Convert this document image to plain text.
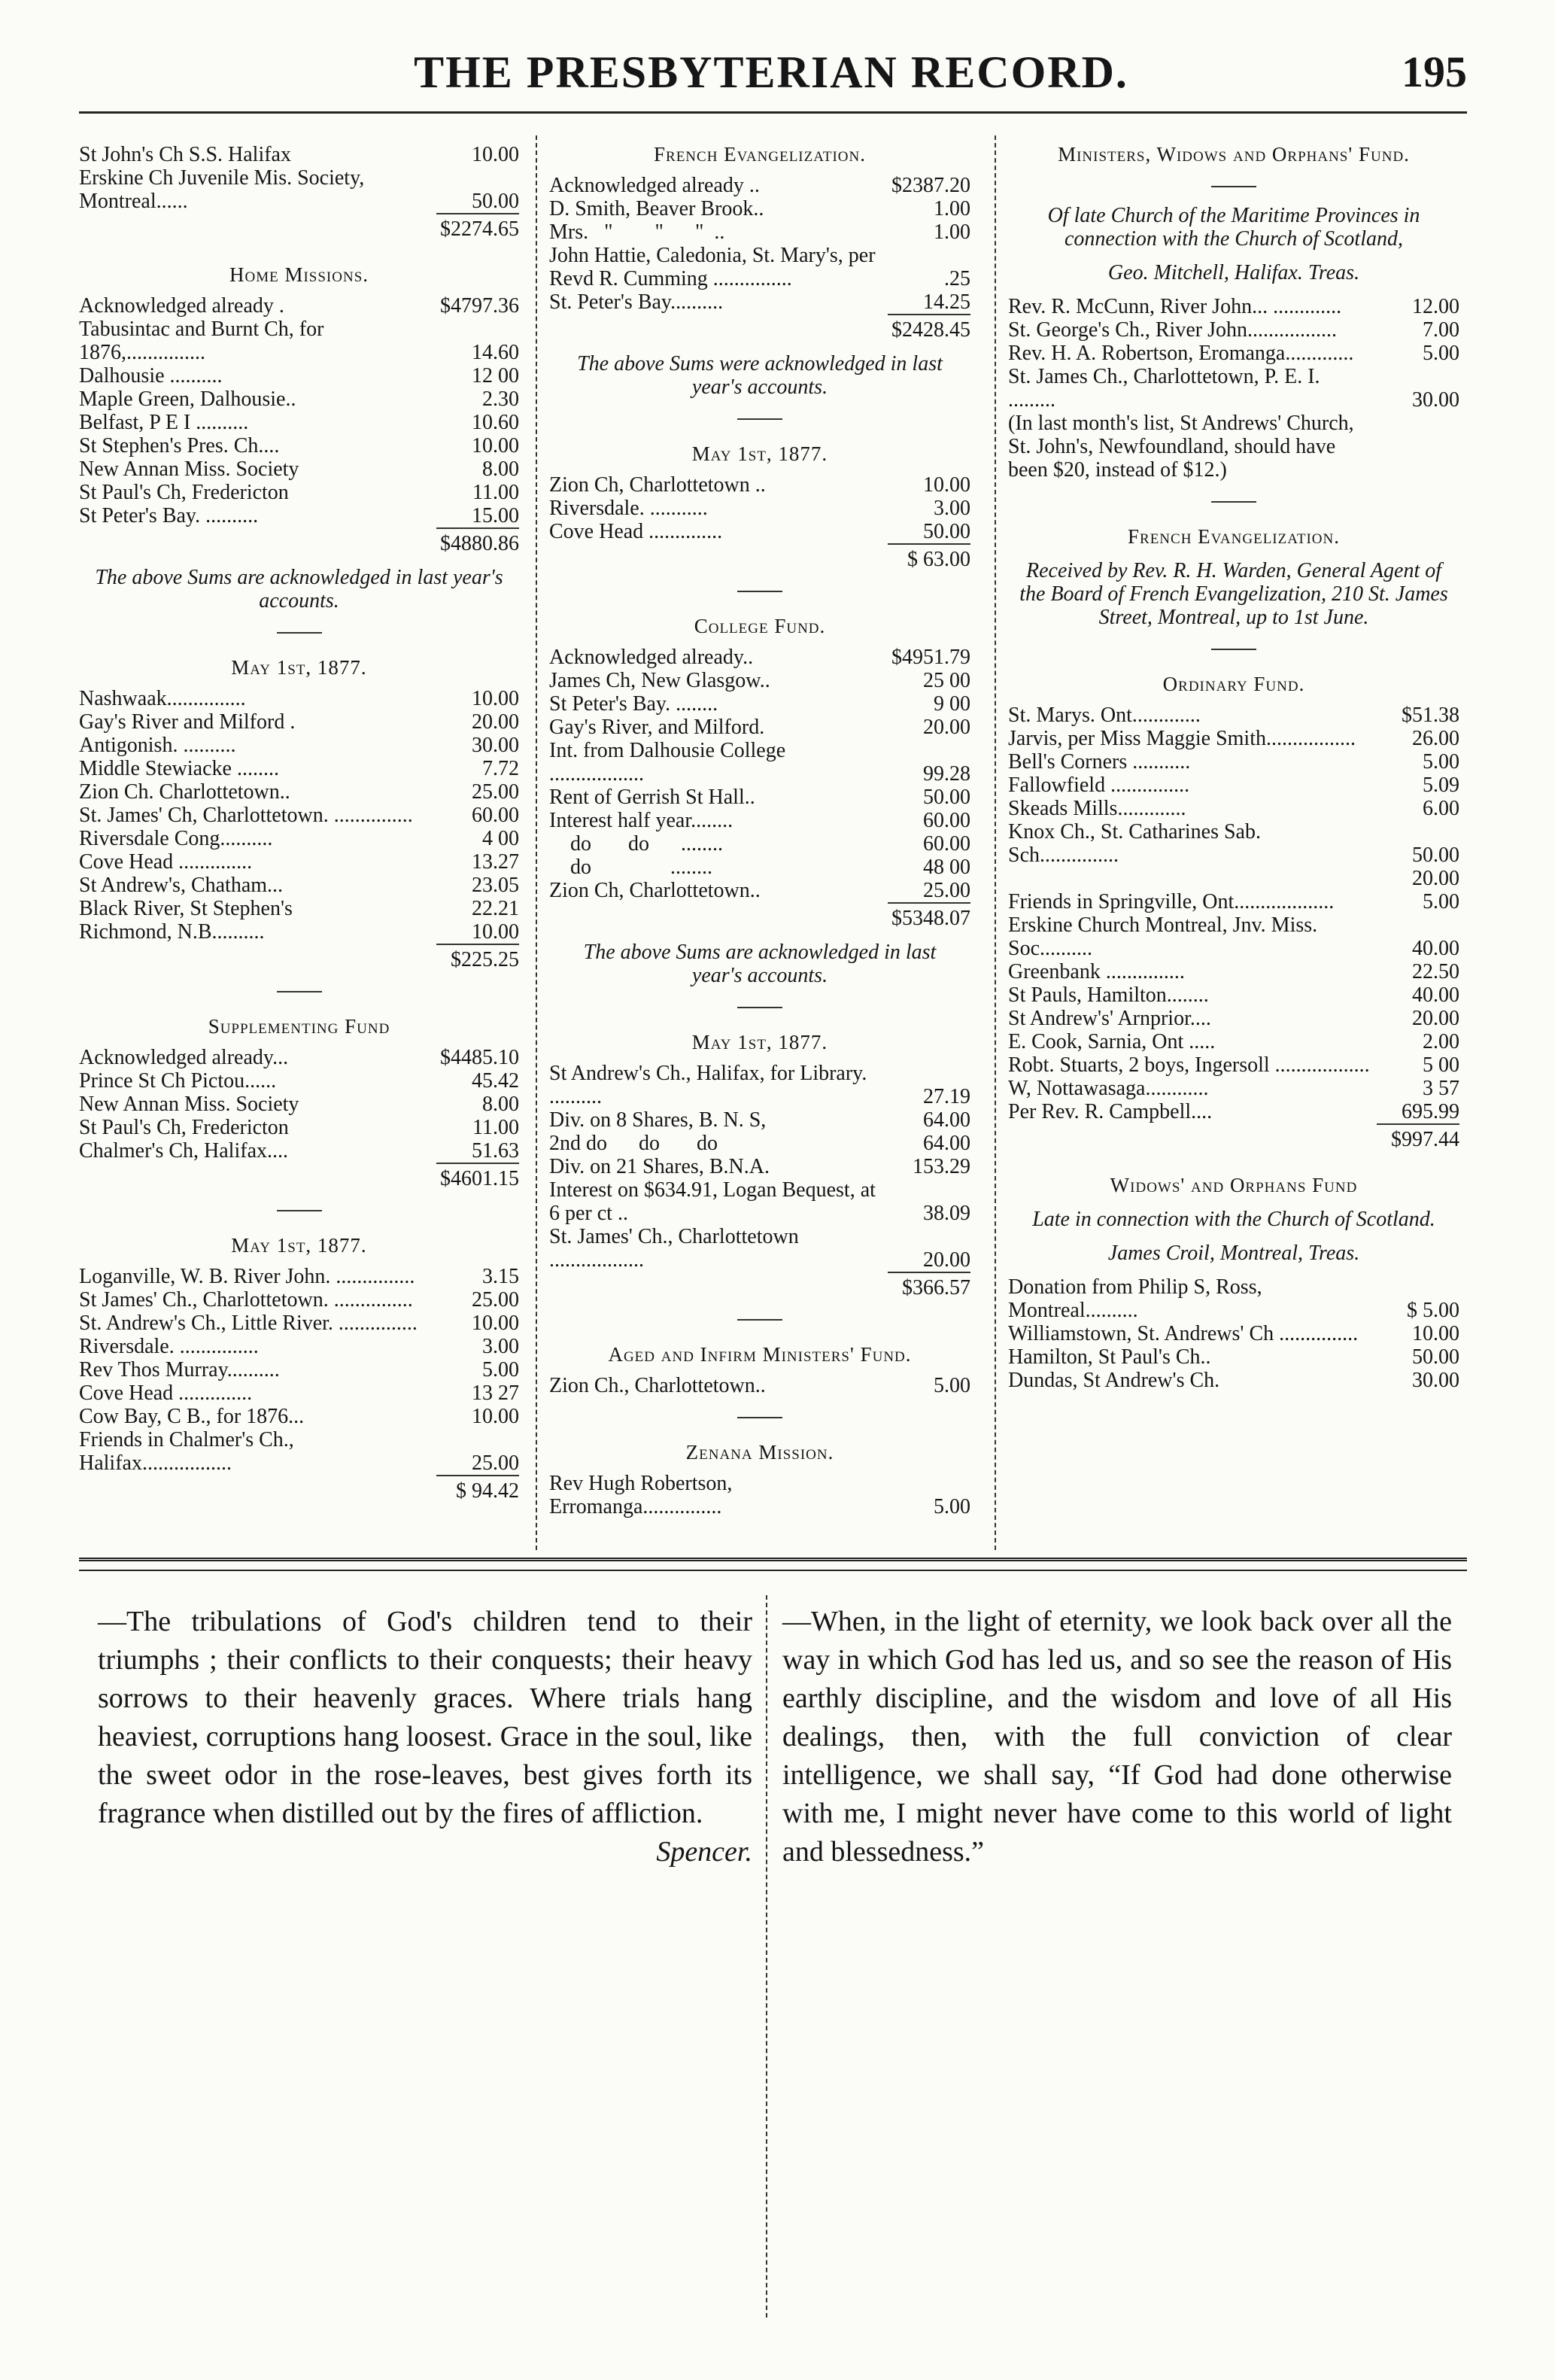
THE PRESBYTERIAN RECORD.	195
St John's Ch S.S. Halifax	10.00
Erskine Ch Juvenile Mis. Society, Montreal......	50.00
$2274.65
Home Missions.
Acknowledged already .	$4797.36
Tabusintac and Burnt Ch, for 1876,...............	14.60
Dalhousie ..........	12 00
Maple Green, Dalhousie..	2.30
Belfast, P E I ..........	10.60
St Stephen's Pres. Ch....	10.00
New Annan Miss. Society	8.00
St Paul's Ch, Fredericton	11.00
St Peter's Bay. ..........	15.00
$4880.86
The above Sums are acknowledged in last year's accounts.
May 1st, 1877.
Nashwaak...............	10.00
Gay's River and Milford .	20.00
Antigonish. ..........	30.00
Middle Stewiacke ........	7.72
Zion Ch. Charlottetown..	25.00
St. James' Ch, Charlottetown. ...............	60.00
Riversdale Cong..........	4 00
Cove Head ..............	13.27
St Andrew's, Chatham...	23.05
Black River, St Stephen's	22.21
Richmond, N.B..........	10.00
$225.25
Supplementing Fund
Acknowledged already...	$4485.10
Prince St Ch Pictou......	45.42
New Annan Miss. Society	8.00
St Paul's Ch, Fredericton	11.00
Chalmer's Ch, Halifax....	51.63
$4601.15
May 1st, 1877.
Loganville, W. B. River John. ...............	3.15
St James' Ch., Charlottetown. ...............	25.00
St. Andrew's Ch., Little River. ...............	10.00
Riversdale. ...............	3.00
Rev Thos Murray..........	5.00
Cove Head ..............	13 27
Cow Bay, C B., for 1876...	10.00
Friends in Chalmer's Ch., Halifax.................	25.00
$ 94.42
French Evangelization.
Acknowledged already ..	$2387.20
D. Smith, Beaver Brook..	1.00
Mrs.   "        "      "  ..	1.00
John Hattie, Caledonia, St. Mary's, per Revd R. Cumming ...............	.25
St. Peter's Bay..........	14.25
$2428.45
The above Sums were acknowledged in last year's accounts.
May 1st, 1877.
Zion Ch, Charlottetown ..	10.00
Riversdale. ...........	3.00
Cove Head ..............	50.00
$ 63.00
College Fund.
Acknowledged already..	$4951.79
James Ch, New Glasgow..	25 00
St Peter's Bay. ........	9 00
Gay's River, and Milford.	20.00
Int. from Dalhousie College ..................	99.28
Rent of Gerrish St Hall..	50.00
Interest half year........	60.00
do       do      ........	60.00
do               ........	48 00
Zion Ch, Charlottetown..	25.00
$5348.07
The above Sums are acknowledged in last year's accounts.
May 1st, 1877.
St Andrew's Ch., Halifax, for Library. ..........	27.19
Div. on 8 Shares, B. N. S,	64.00
2nd do      do       do	64.00
Div. on 21 Shares, B.N.A.	153.29
Interest on $634.91, Logan Bequest, at 6 per ct ..	38.09
St. James' Ch., Charlottetown ..................	20.00
$366.57
Aged and Infirm Ministers' Fund.
Zion Ch., Charlottetown..	5.00
Zenana Mission.
Rev Hugh Robertson, Erromanga...............	5.00
Ministers, Widows and Orphans' Fund.
Of late Church of the Maritime Provinces in connection with the Church of Scotland,
Geo. Mitchell, Halifax. Treas.
Rev. R. McCunn, River John... .............	12.00
St. George's Ch., River John.................	7.00
Rev. H. A. Robertson, Eromanga.............	5.00
St. James Ch., Charlottetown, P. E. I. .........	30.00
(In last month's list, St Andrews' Church, St. John's, Newfoundland, should have been $20, instead of $12.)
French Evangelization.
Received by Rev. R. H. Warden, General Agent of the Board of French Evangelization, 210 St. James Street, Montreal, up to 1st June.
Ordinary Fund.
St. Marys. Ont.............	$51.38
Jarvis, per Miss Maggie Smith.................	26.00
Bell's Corners ...........	5.00
Fallowfield ...............	5.09
Skeads Mills.............	6.00
Knox Ch., St. Catharines Sab. Sch...............	50.00
20.00
Friends in Springville, Ont...................	5.00
Erskine Church Montreal, Jnv. Miss. Soc..........	40.00
Greenbank ...............	22.50
St Pauls, Hamilton........	40.00
St Andrew's' Arnprior....	20.00
E. Cook, Sarnia, Ont .....	2.00
Robt. Stuarts, 2 boys, Ingersoll ..................	5 00
W, Nottawasaga............	3 57
Per Rev. R. Campbell....	695.99
$997.44
Widows' and Orphans Fund
Late in connection with the Church of Scotland.
James Croil, Montreal, Treas.
Donation from Philip S, Ross, Montreal..........	$ 5.00
Williamstown, St. Andrews' Ch ...............	10.00
Hamilton, St Paul's Ch..	50.00
Dundas, St Andrew's Ch.	30.00
—The tribulations of God's children tend to their triumphs ; their conflicts to their conquests; their heavy sorrows to their heavenly graces. Where trials hang heaviest, corruptions hang loosest. Grace in the soul, like the sweet odor in the rose-leaves, best gives forth its fragrance when distilled out by the fires of affliction.
Spencer.
—When, in the light of eternity, we look back over all the way in which God has led us, and so see the reason of His earthly discipline, and the wisdom and love of all His dealings, then, with the full conviction of clear intelligence, we shall say, “If God had done otherwise with me, I might never have come to this world of light and blessedness.”
